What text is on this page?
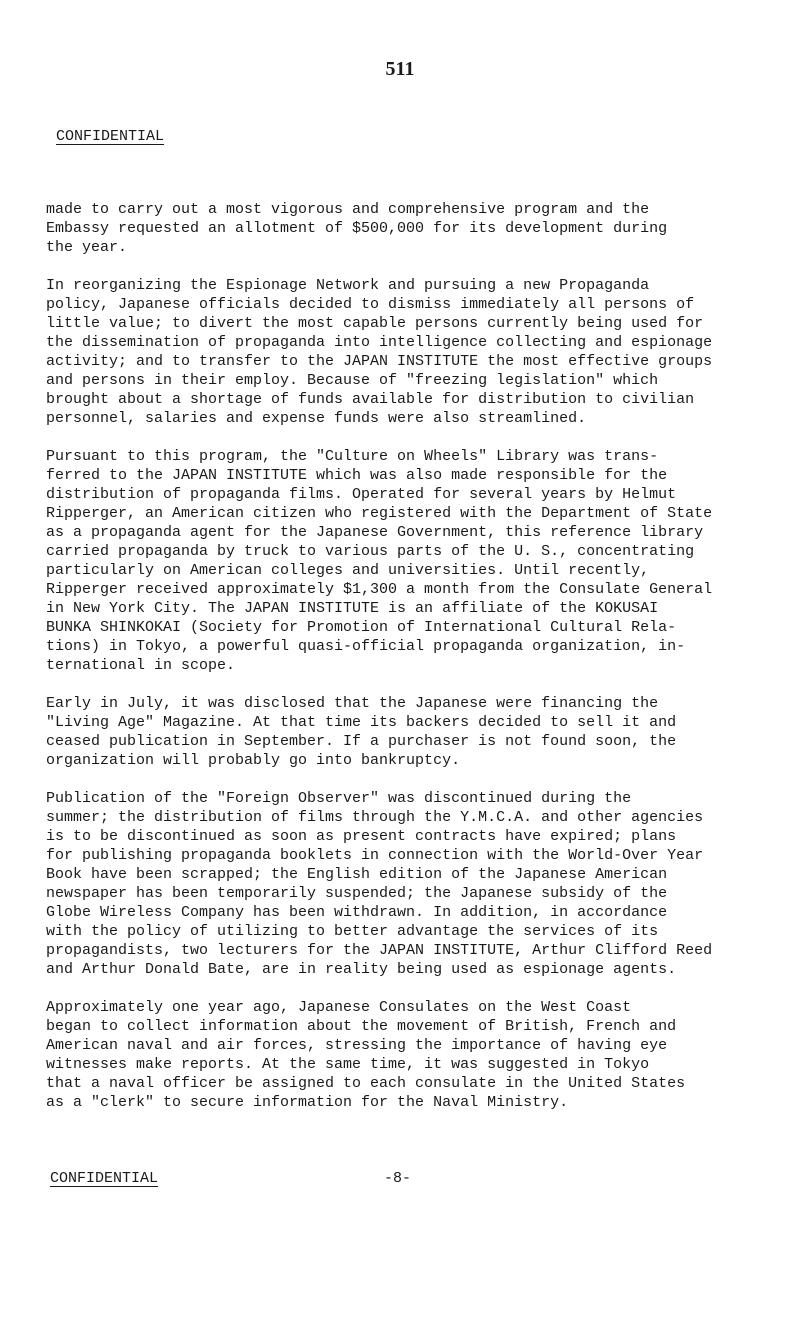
511
CONFIDENTIAL

made to carry out a most vigorous and comprehensive program and the
Embassy requested an allotment of $500,000 for its development during
the year.

In reorganizing the Espionage Network and pursuing a new Propaganda
policy, Japanese officials decided to dismiss immediately all persons of
little value; to divert the most capable persons currently being used for
the dissemination of propaganda into intelligence collecting and espionage
activity; and to transfer to the JAPAN INSTITUTE the most effective groups
and persons in their employ. Because of "freezing legislation" which
brought about a shortage of funds available for distribution to civilian
personnel, salaries and expense funds were also streamlined.

Pursuant to this program, the "Culture on Wheels" Library was trans-
ferred to the JAPAN INSTITUTE which was also made responsible for the
distribution of propaganda films. Operated for several years by Helmut
Ripperger, an American citizen who registered with the Department of State
as a propaganda agent for the Japanese Government, this reference library
carried propaganda by truck to various parts of the U. S., concentrating
particularly on American colleges and universities. Until recently,
Ripperger received approximately $1,300 a month from the Consulate General
in New York City. The JAPAN INSTITUTE is an affiliate of the KOKUSAI
BUNKA SHINKOKAI (Society for Promotion of International Cultural Rela-
tions) in Tokyo, a powerful quasi-official propaganda organization, in-
ternational in scope.

Early in July, it was disclosed that the Japanese were financing the
"Living Age" Magazine. At that time its backers decided to sell it and
ceased publication in September. If a purchaser is not found soon, the
organization will probably go into bankruptcy.

Publication of the "Foreign Observer" was discontinued during the
summer; the distribution of films through the Y.M.C.A. and other agencies
is to be discontinued as soon as present contracts have expired; plans
for publishing propaganda booklets in connection with the World-Over Year
Book have been scrapped; the English edition of the Japanese American
newspaper has been temporarily suspended; the Japanese subsidy of the
Globe Wireless Company has been withdrawn. In addition, in accordance
with the policy of utilizing to better advantage the services of its
propagandists, two lecturers for the JAPAN INSTITUTE, Arthur Clifford Reed
and Arthur Donald Bate, are in reality being used as espionage agents.

Approximately one year ago, Japanese Consulates on the West Coast
began to collect information about the movement of British, French and
American naval and air forces, stressing the importance of having eye
witnesses make reports. At the same time, it was suggested in Tokyo
that a naval officer be assigned to each consulate in the United States
as a "clerk" to secure information for the Naval Ministry.

CONFIDENTIAL	-8-
